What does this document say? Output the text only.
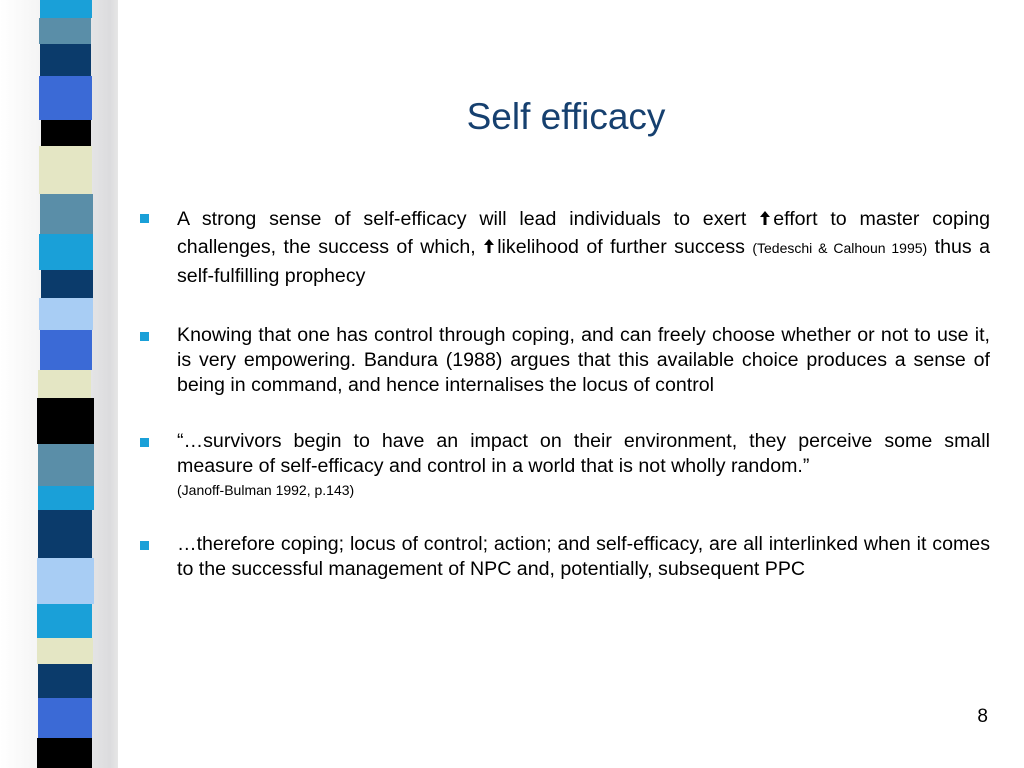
Self efficacy
A strong sense of self-efficacy will lead individuals to exert effort to master coping challenges, the success of which, likelihood of further success (Tedeschi & Calhoun 1995) thus a self-fulfilling prophecy
Knowing that one has control through coping, and can freely choose whether or not to use it, is very empowering. Bandura (1988) argues that this available choice produces a sense of being in command, and hence internalises the locus of control
“…survivors begin to have an impact on their environment, they perceive some small measure of self-efficacy and control in a world that is not wholly random.”
(Janoff-Bulman 1992, p.143)
…therefore coping; locus of control; action; and self-efficacy, are all interlinked when it comes to the successful management of NPC and, potentially, subsequent PPC
8
